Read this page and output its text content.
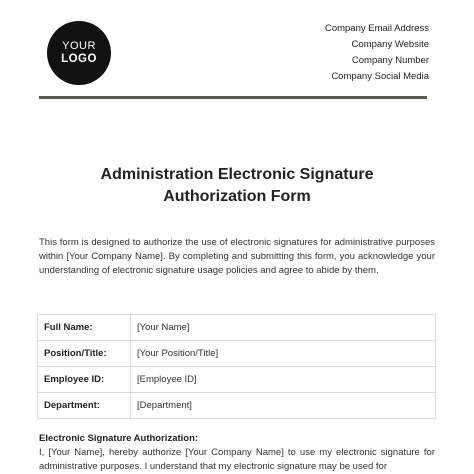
YOUR
LOGO
Company Email Address
Company Website
Company Number
Company Social Media
Administration Electronic Signature
Authorization Form
This form is designed to authorize the use of electronic signatures for administrative purposes within [Your Company Name]. By completing and submitting this form, you acknowledge your understanding of electronic signature usage policies and agree to abide by them.
Full Name:	[Your Name]
Position/Title:	[Your Position/Title]
Employee ID:	[Employee ID]
Department:	[Department]
Electronic Signature Authorization:
I, [Your Name], hereby authorize [Your Company Name] to use my electronic signature for administrative purposes. I understand that my electronic signature may be used for
